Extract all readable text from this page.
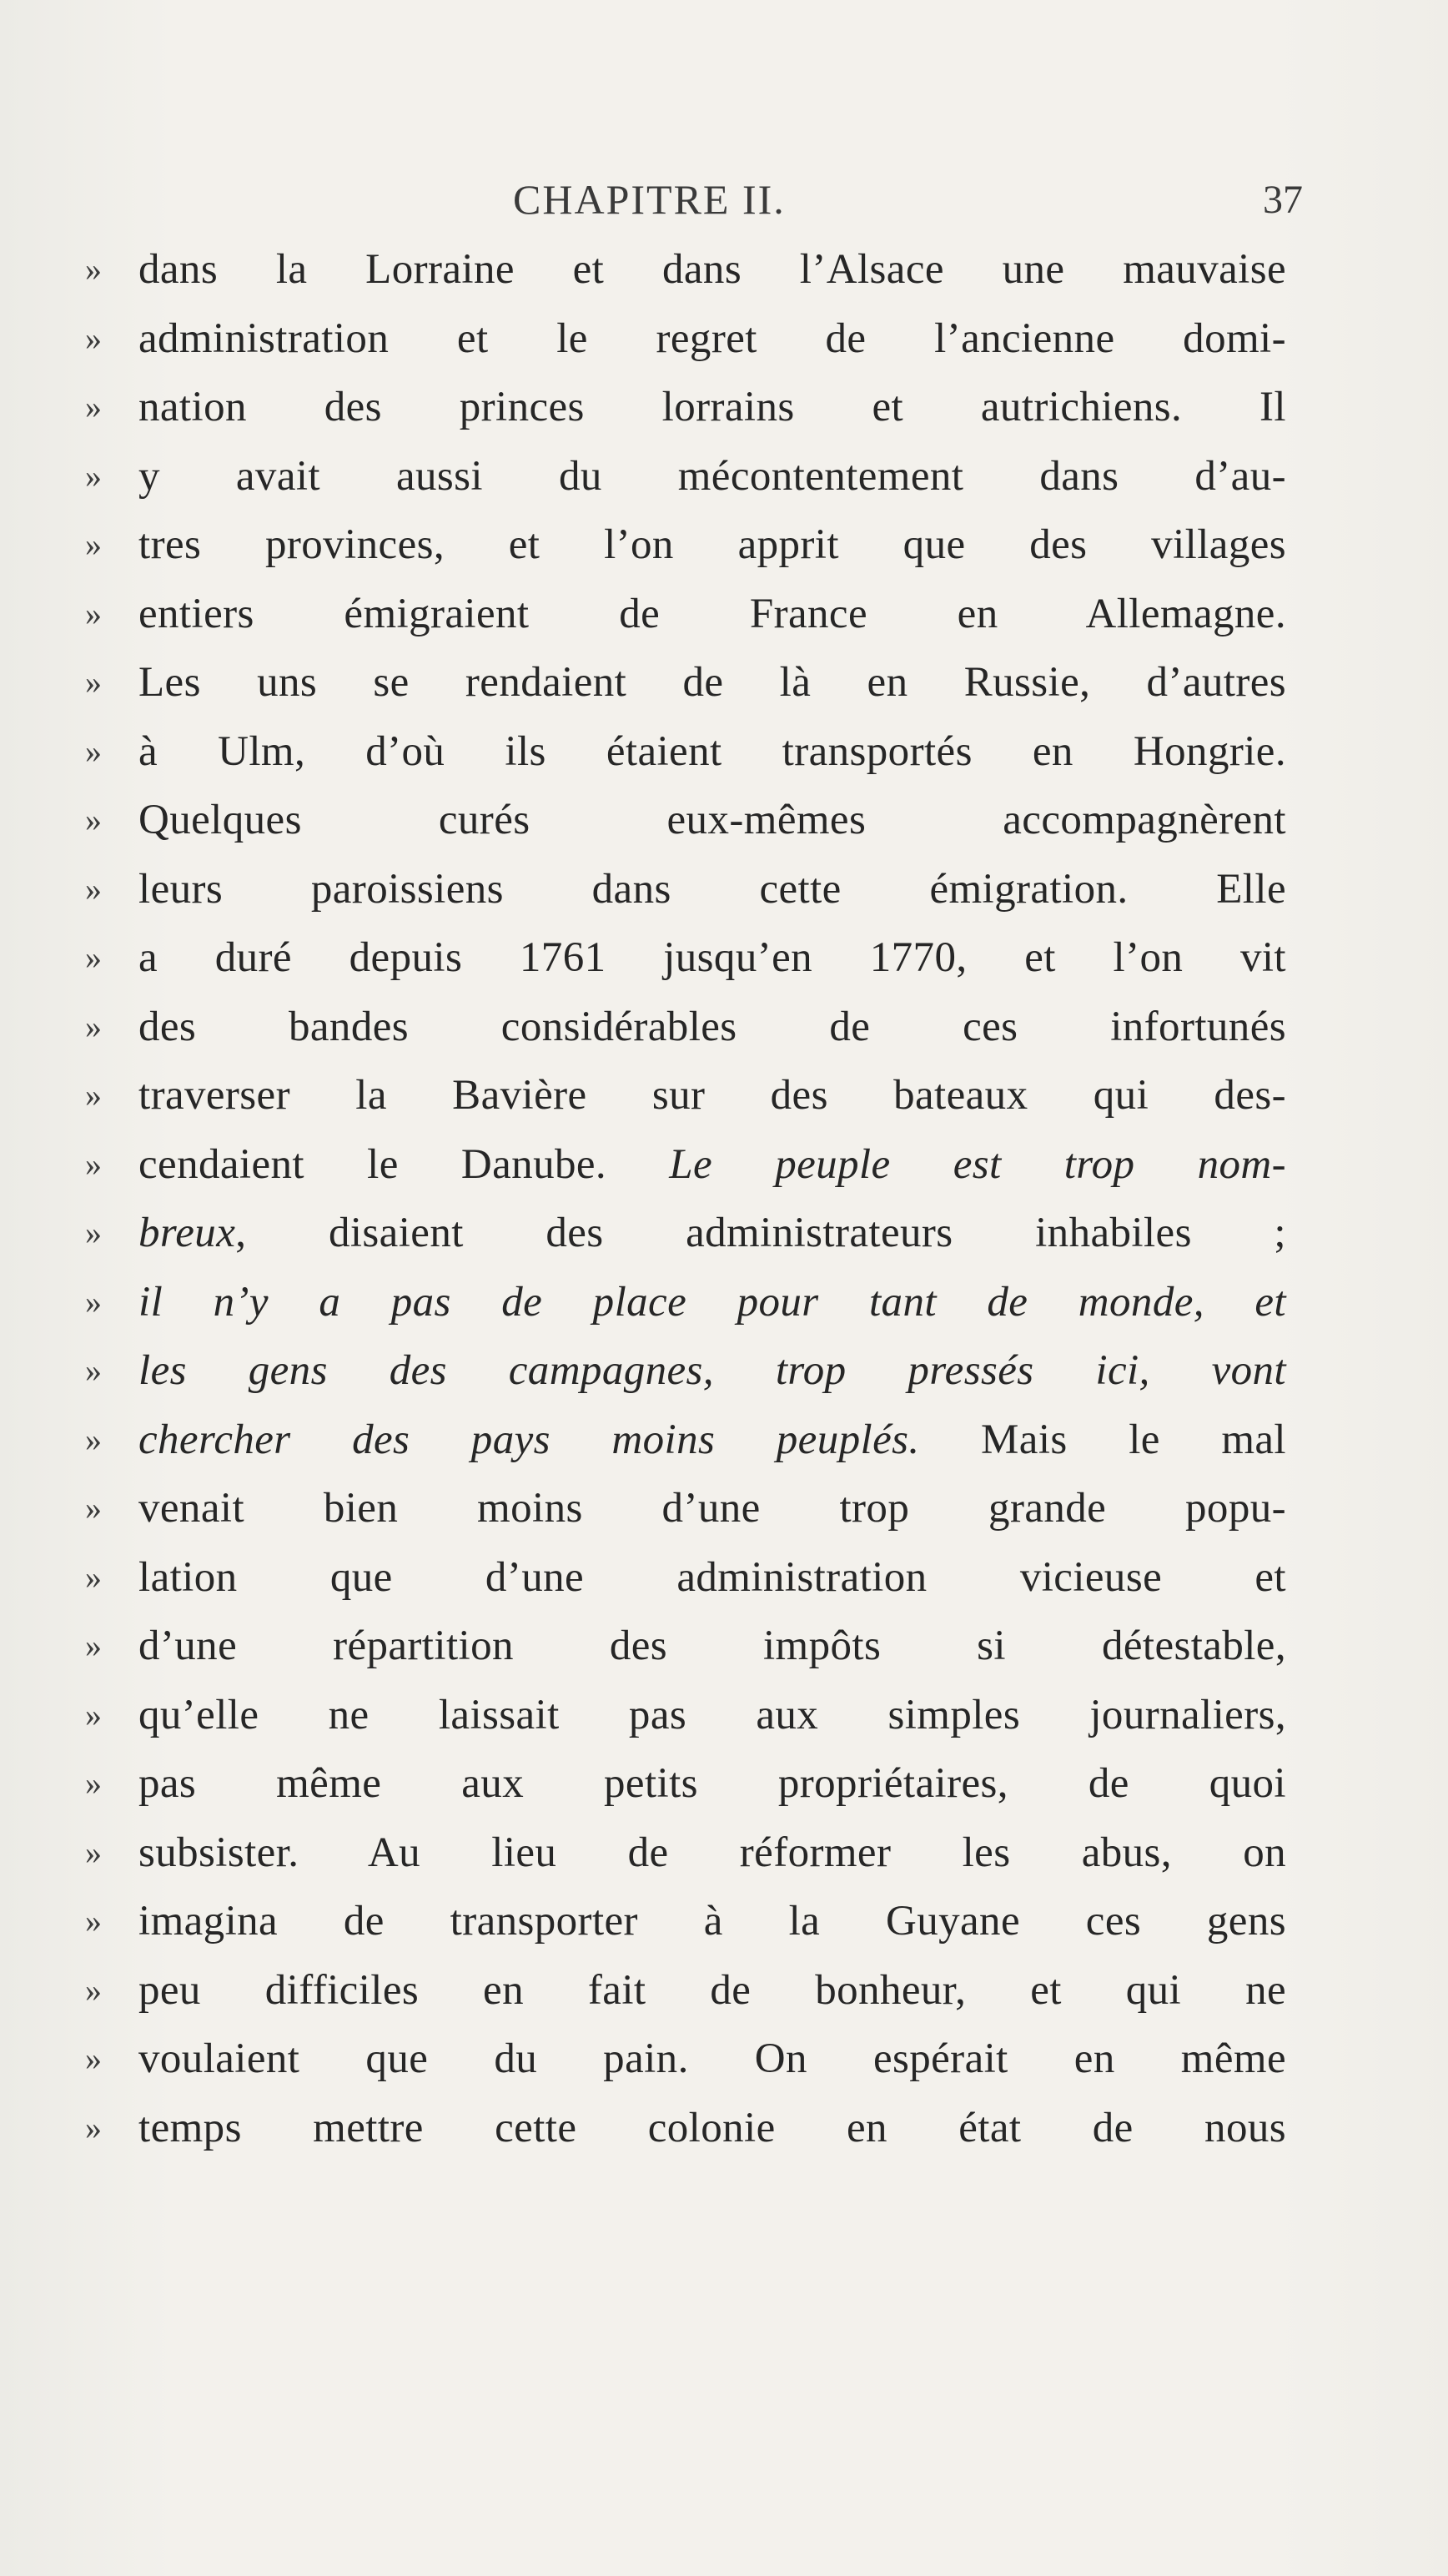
CHAPITRE II.	37
» dans la Lorraine et dans l’Alsace une mauvaise
» administration et le regret de l’ancienne domi-
» nation des princes lorrains et autrichiens. Il
» y avait aussi du mécontentement dans d’au-
» tres provinces, et l’on apprit que des villages
» entiers émigraient de France en Allemagne.
» Les uns se rendaient de là en Russie, d’autres
» à Ulm, d’où ils étaient transportés en Hongrie.
» Quelques curés eux-mêmes accompagnèrent
» leurs paroissiens dans cette émigration. Elle
» a duré depuis 1761 jusqu’en 1770, et l’on vit
» des bandes considérables de ces infortunés
» traverser la Bavière sur des bateaux qui des-
» cendaient le Danube. Le peuple est trop nom-
» breux, disaient des administrateurs inhabiles ;
» il n’y a pas de place pour tant de monde, et
» les gens des campagnes, trop pressés ici, vont
» chercher des pays moins peuplés. Mais le mal
» venait bien moins d’une trop grande popu-
» lation que d’une administration vicieuse et
» d’une répartition des impôts si détestable,
» qu’elle ne laissait pas aux simples journaliers,
» pas même aux petits propriétaires, de quoi
» subsister. Au lieu de réformer les abus, on
» imagina de transporter à la Guyane ces gens
» peu difficiles en fait de bonheur, et qui ne
» voulaient que du pain. On espérait en même
» temps mettre cette colonie en état de nous
